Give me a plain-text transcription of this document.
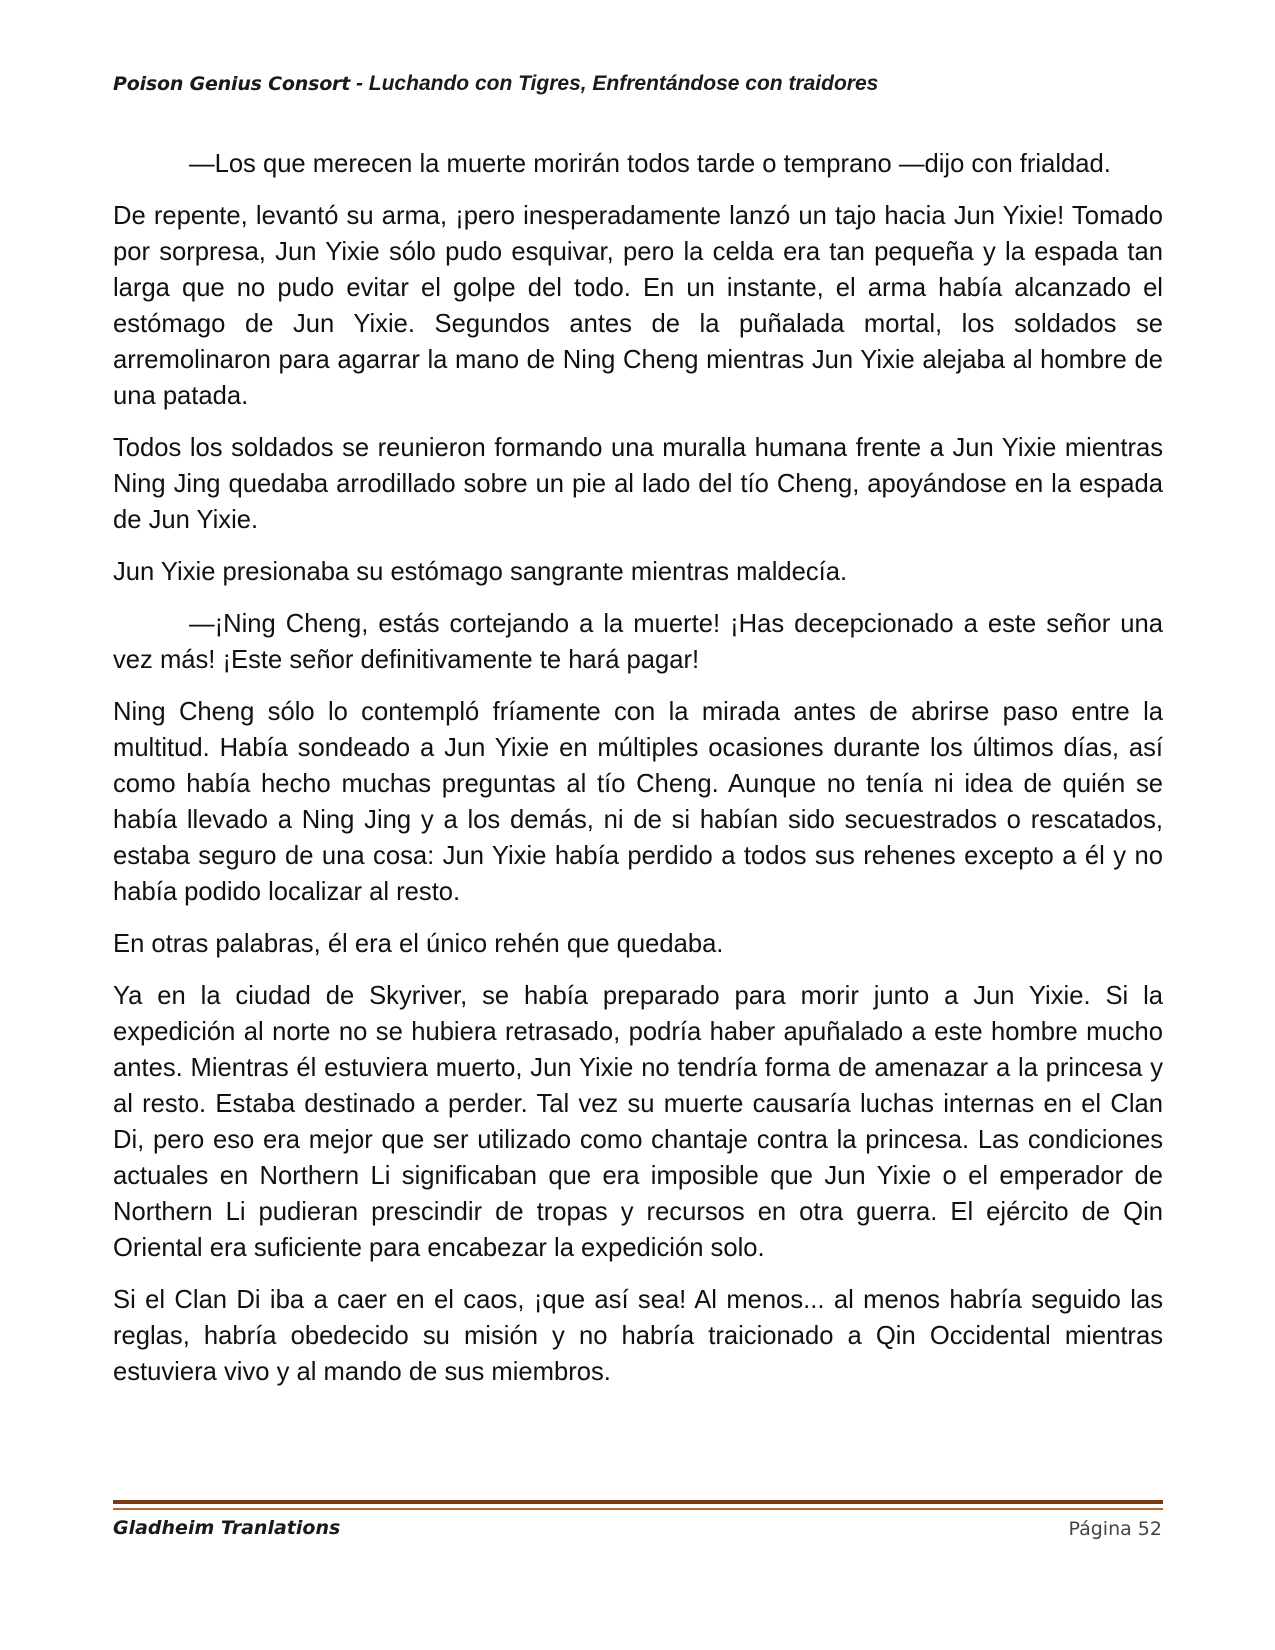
Poison Genius Consort - Luchando con Tigres, Enfrentándose con traidores

—Los que merecen la muerte morirán todos tarde o temprano —dijo con frialdad.

De repente, levantó su arma, ¡pero inesperadamente lanzó un tajo hacia Jun Yixie! Tomado por sorpresa, Jun Yixie sólo pudo esquivar, pero la celda era tan pequeña y la espada tan larga que no pudo evitar el golpe del todo. En un instante, el arma había alcanzado el estómago de Jun Yixie. Segundos antes de la puñalada mortal, los soldados se arremolinaron para agarrar la mano de Ning Cheng mientras Jun Yixie alejaba al hombre de una patada.

Todos los soldados se reunieron formando una muralla humana frente a Jun Yixie mientras Ning Jing quedaba arrodillado sobre un pie al lado del tío Cheng, apoyándose en la espada de Jun Yixie.

Jun Yixie presionaba su estómago sangrante mientras maldecía.

—¡Ning Cheng, estás cortejando a la muerte! ¡Has decepcionado a este señor una vez más! ¡Este señor definitivamente te hará pagar!

Ning Cheng sólo lo contempló fríamente con la mirada antes de abrirse paso entre la multitud. Había sondeado a Jun Yixie en múltiples ocasiones durante los últimos días, así como había hecho muchas preguntas al tío Cheng. Aunque no tenía ni idea de quién se había llevado a Ning Jing y a los demás, ni de si habían sido secuestrados o rescatados, estaba seguro de una cosa: Jun Yixie había perdido a todos sus rehenes excepto a él y no había podido localizar al resto.

En otras palabras, él era el único rehén que quedaba.

Ya en la ciudad de Skyriver, se había preparado para morir junto a Jun Yixie. Si la expedición al norte no se hubiera retrasado, podría haber apuñalado a este hombre mucho antes. Mientras él estuviera muerto, Jun Yixie no tendría forma de amenazar a la princesa y al resto. Estaba destinado a perder. Tal vez su muerte causaría luchas internas en el Clan Di, pero eso era mejor que ser utilizado como chantaje contra la princesa. Las condiciones actuales en Northern Li significaban que era imposible que Jun Yixie o el emperador de Northern Li pudieran prescindir de tropas y recursos en otra guerra. El ejército de Qin Oriental era suficiente para encabezar la expedición solo.

Si el Clan Di iba a caer en el caos, ¡que así sea! Al menos... al menos habría seguido las reglas, habría obedecido su misión y no habría traicionado a Qin Occidental mientras estuviera vivo y al mando de sus miembros.

Gladheim Tranlations	Página 52
